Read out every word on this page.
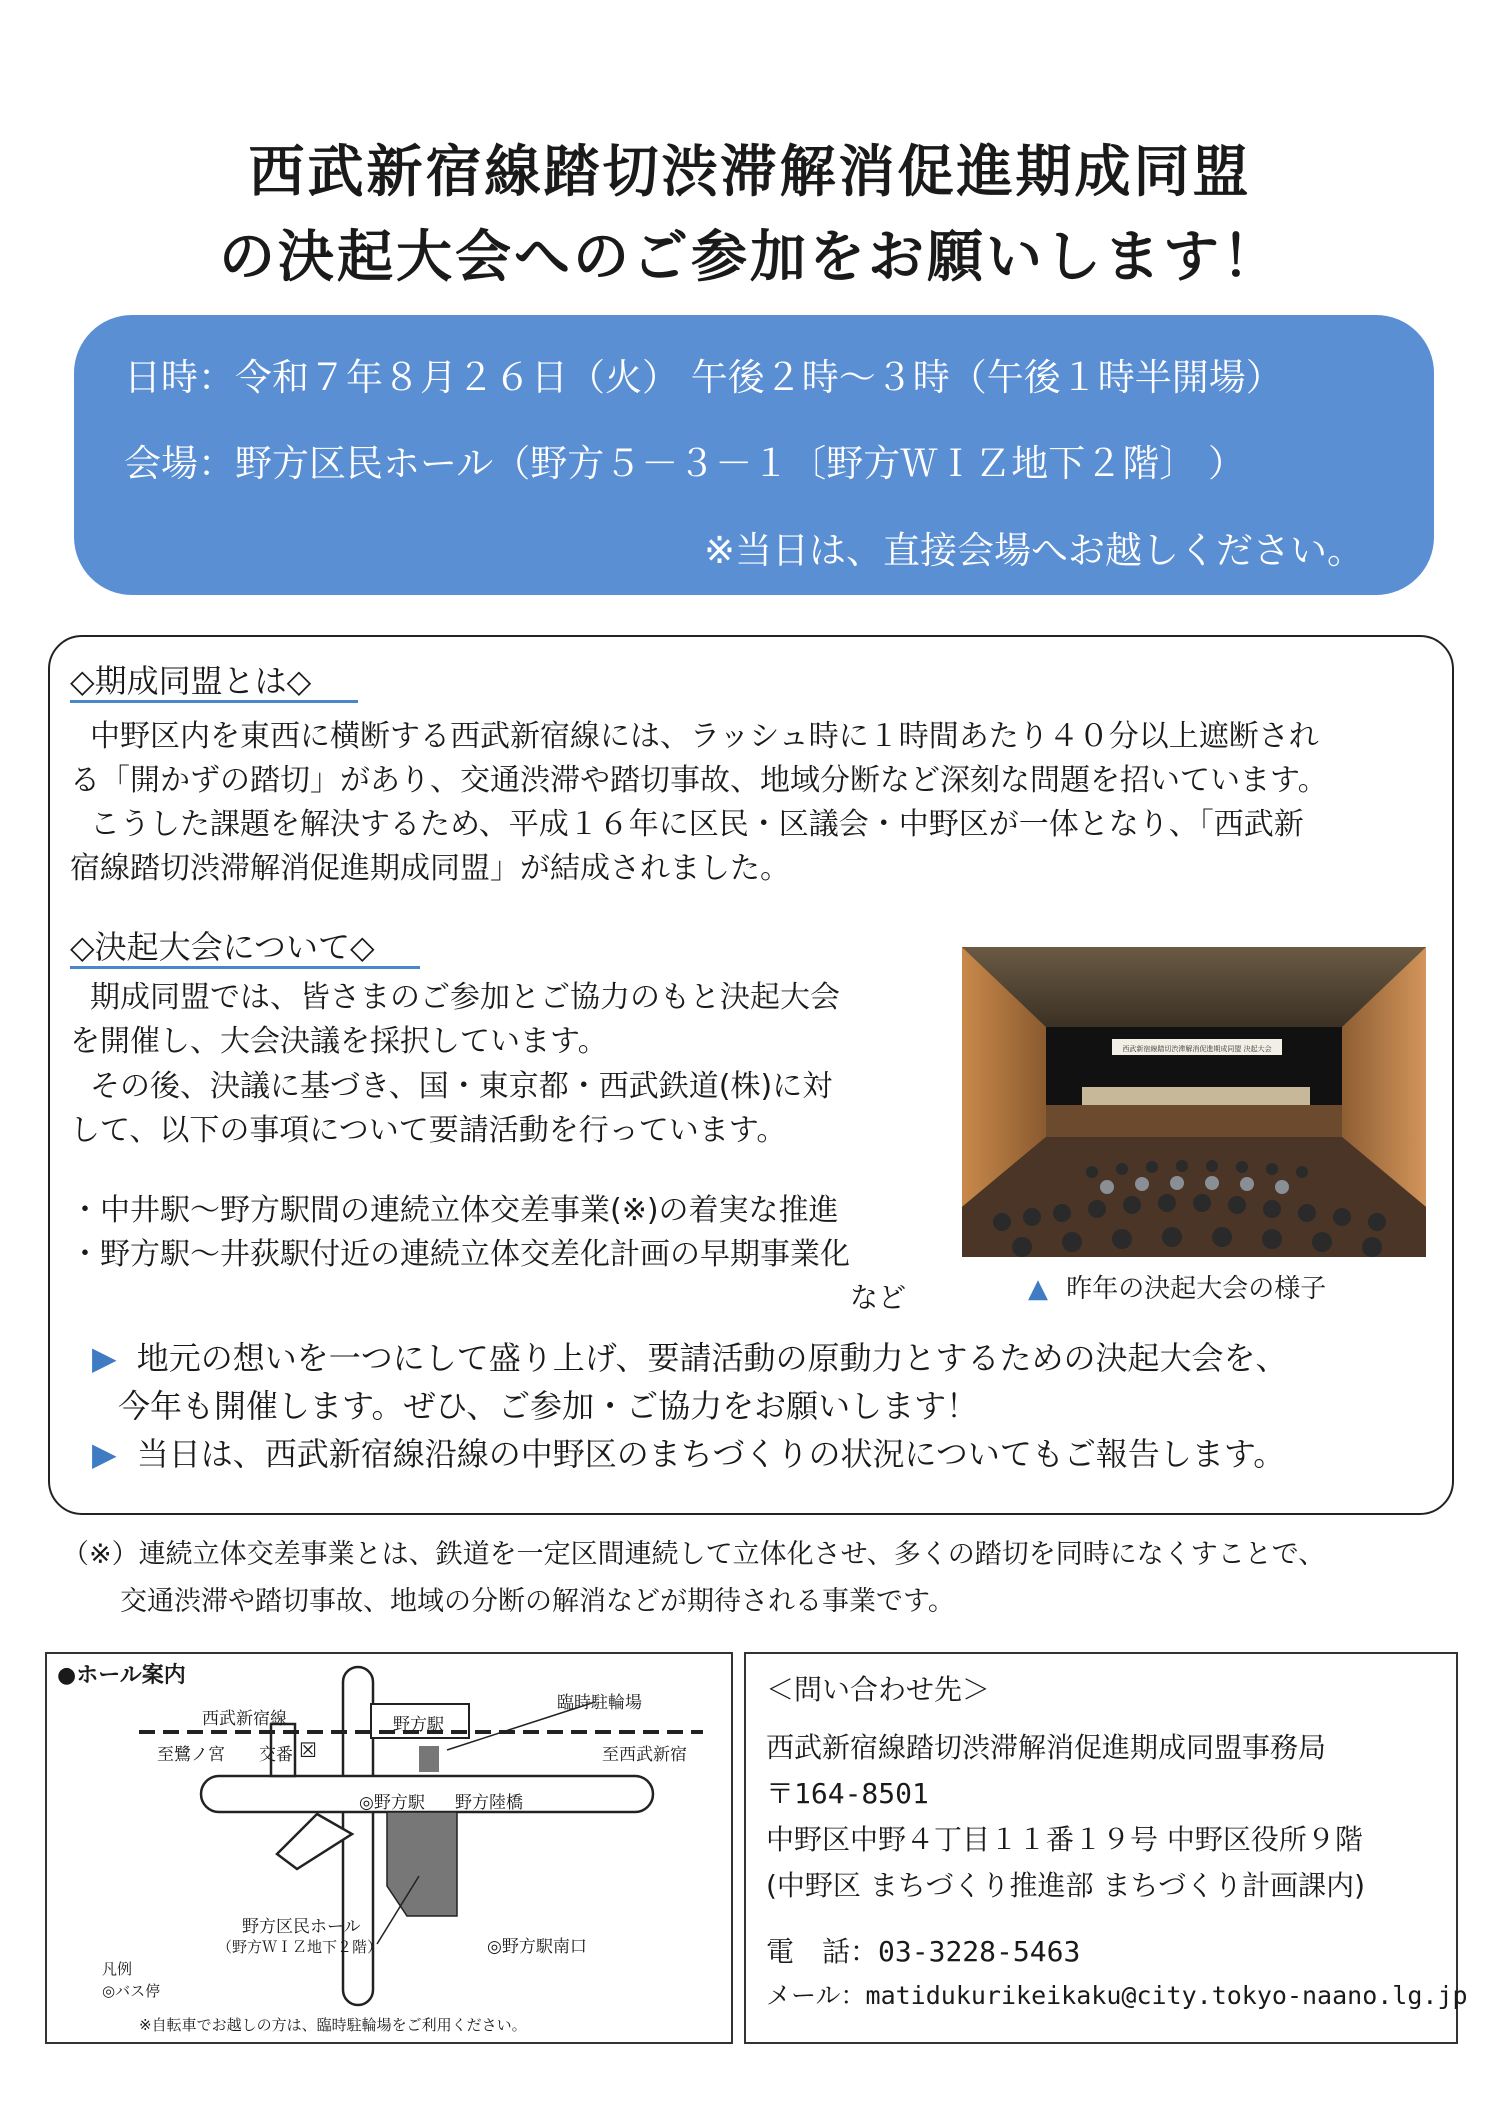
西武新宿線踏切渋滞解消促進期成同盟
の決起大会へのご参加をお願いします！
日時：令和７年８月２６日（火） 午後２時～３時（午後１時半開場）
会場：野方区民ホール（野方５－３－１〔野方ＷＩＺ地下２階〕 ）
※当日は、直接会場へお越しください。
◇期成同盟とは◇
中野区内を東西に横断する西武新宿線には、ラッシュ時に１時間あたり４０分以上遮断され
る「開かずの踏切」があり、交通渋滞や踏切事故、地域分断など深刻な問題を招いています。
こうした課題を解決するため、平成１６年に区民・区議会・中野区が一体となり、「西武新
宿線踏切渋滞解消促進期成同盟」が結成されました。
◇決起大会について◇
期成同盟では、皆さまのご参加とご協力のもと決起大会
を開催し、大会決議を採択しています。
その後、決議に基づき、国・東京都・西武鉄道(株)に対
して、以下の事項について要請活動を行っています。
・中井駅～野方駅間の連続立体交差事業(※)の着実な推進
・野方駅～井荻駅付近の連続立体交差化計画の早期事業化
など
西武新宿線踏切渋滞解消促進期成同盟 決起大会
▲ 昨年の決起大会の様子
▶ 地元の想いを一つにして盛り上げ、要請活動の原動力とするための決起大会を、
今年も開催します。ぜひ、ご参加・ご協力をお願いします！
▶ 当日は、西武新宿線沿線の中野区のまちづくりの状況についてもご報告します。
（※）連続立体交差事業とは、鉄道を一定区間連続して立体化させ、多くの踏切を同時になくすことで、
交通渋滞や踏切事故、地域の分断の解消などが期待される事業です。
●ホール案内
西武新宿線
臨時駐輪場
至鷺ノ宮 交番 ☒
野方駅
至西武新宿
◎野方駅 野方陸橋
野方区民ホール
（野方ＷＩＺ地下２階）	◎野方駅南口
凡例
◎バス停
※自転車でお越しの方は、臨時駐輪場をご利用ください。
＜問い合わせ先＞
西武新宿線踏切渋滞解消促進期成同盟事務局
〒164-8501
中野区中野４丁目１１番１９号 中野区役所９階
(中野区 まちづくり推進部 まちづくり計画課内)
電　話：03-3228-5463
メール：matidukurikeikaku@city.tokyo-naano.lg.jp
